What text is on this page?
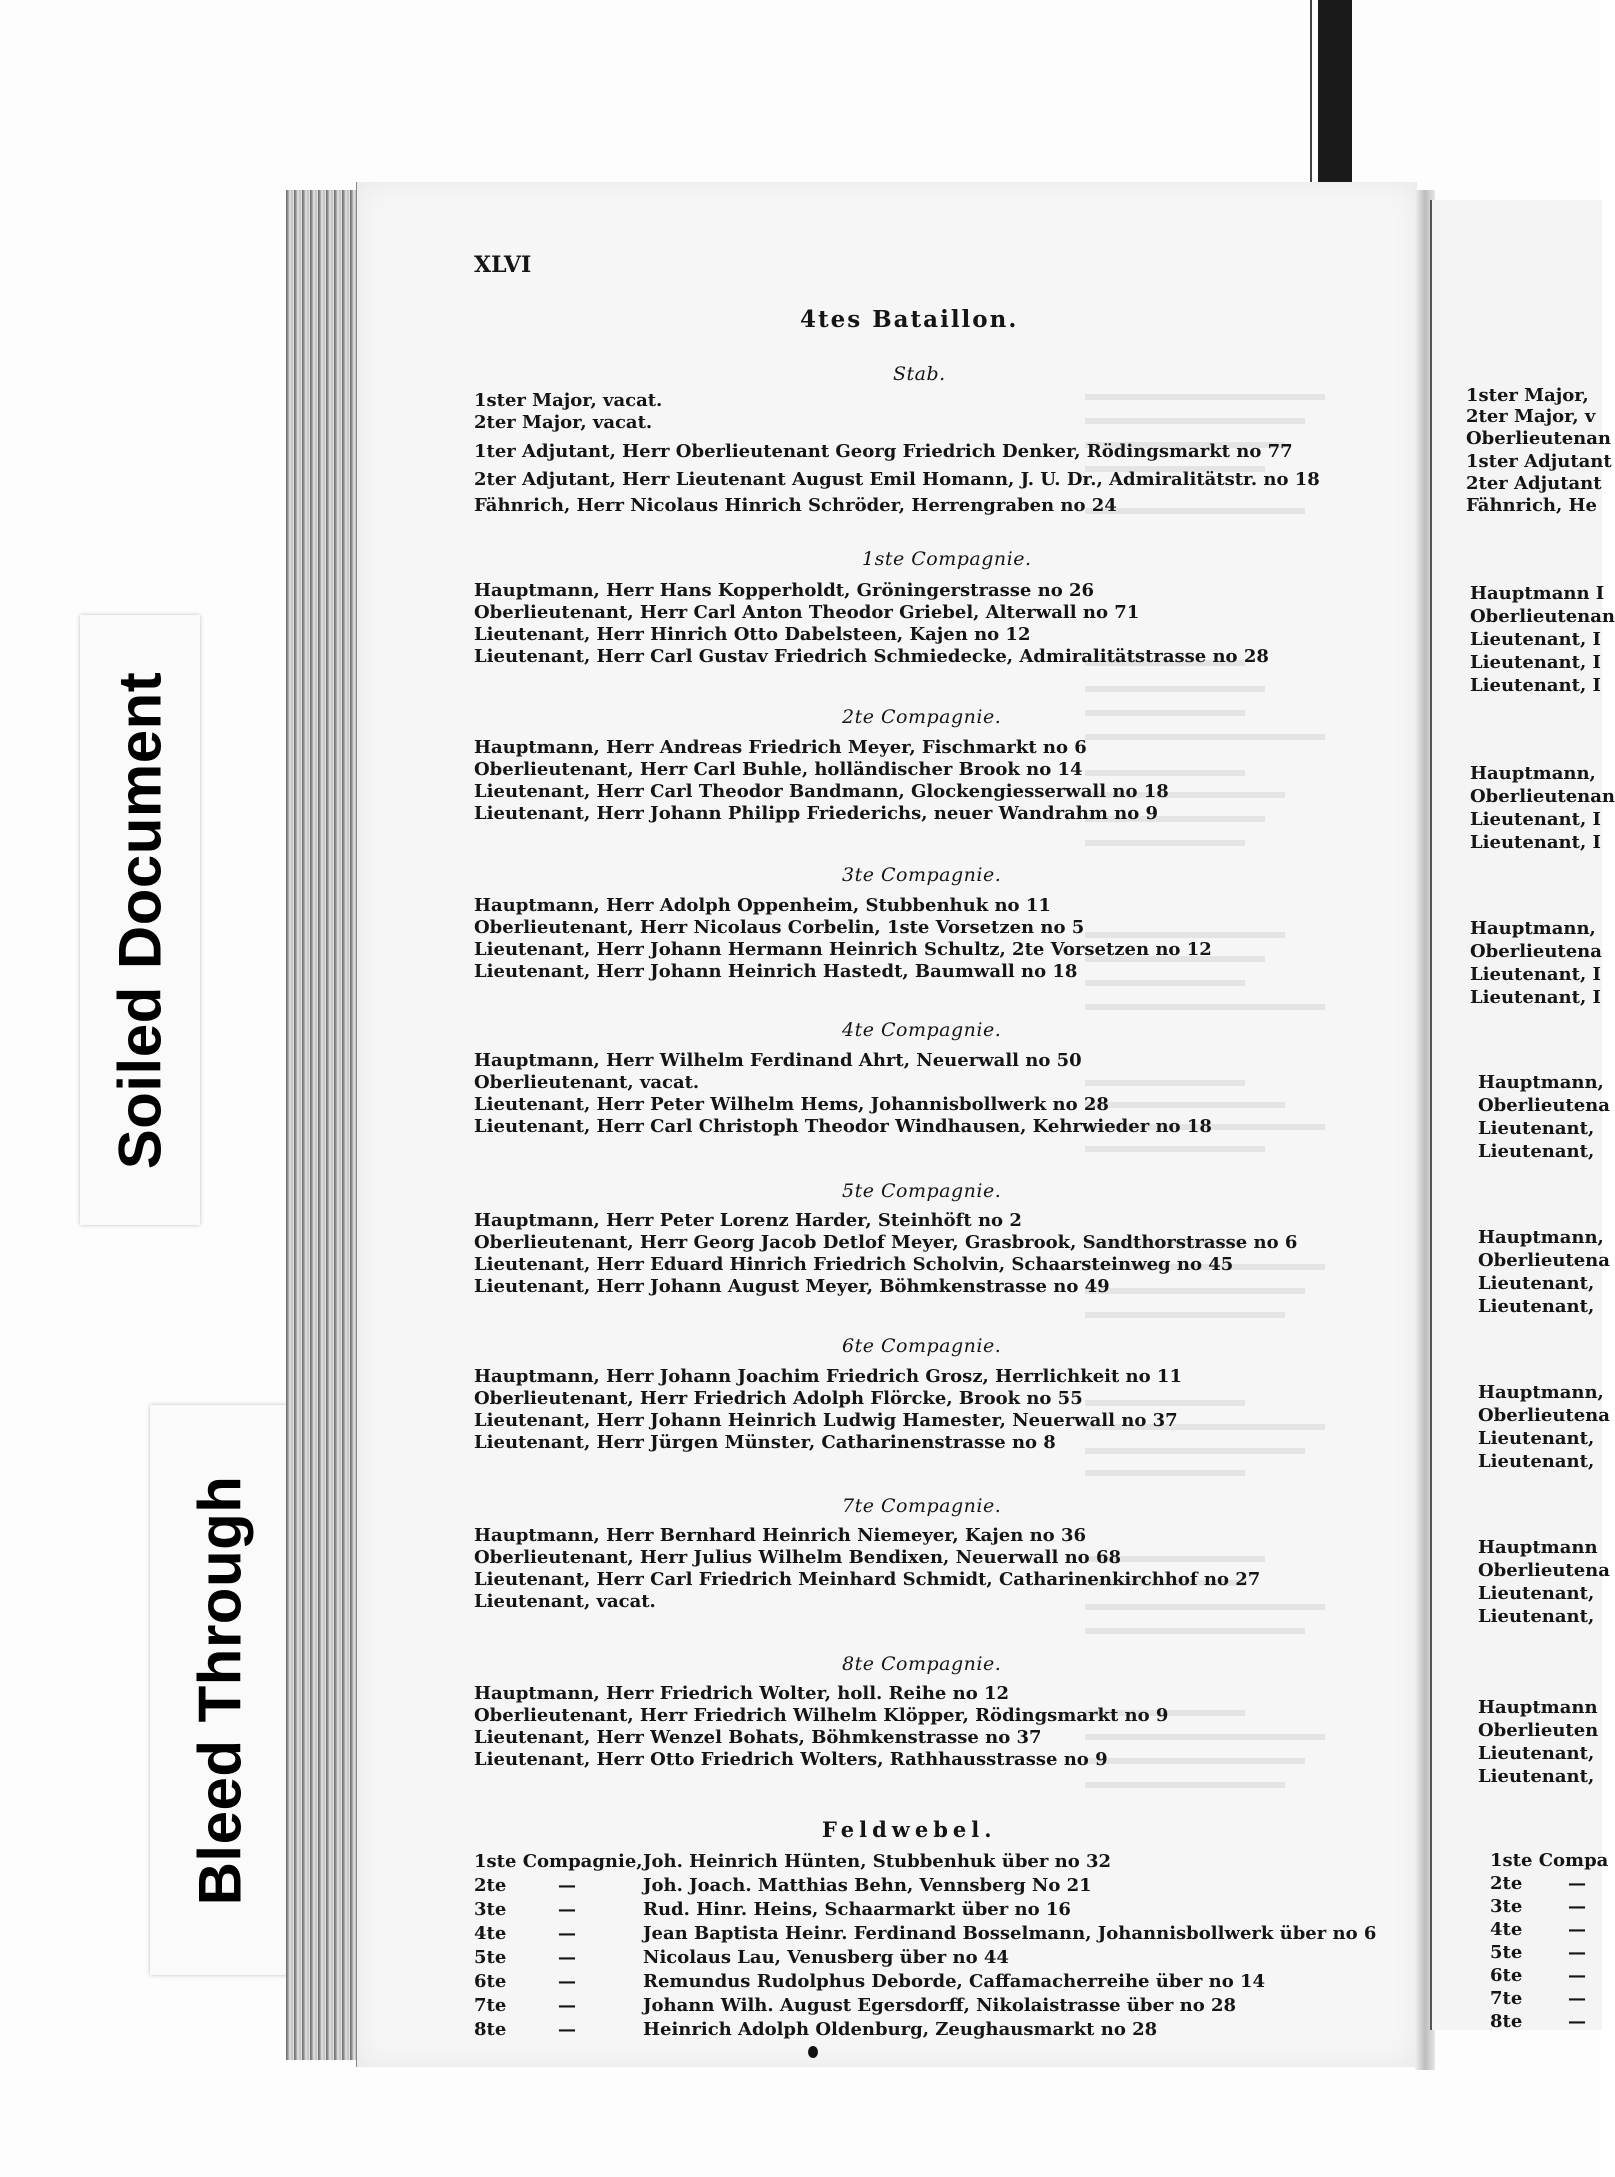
Soiled Document
Bleed Through
XLVI
4tes Bataillon.
Stab.
1ster Major, vacat.
2ter Major, vacat.
1ter Adjutant, Herr Oberlieutenant Georg Friedrich Denker, Rödingsmarkt no 77
2ter Adjutant, Herr Lieutenant August Emil Homann, J. U. Dr., Admiralitätstr. no 18
Fähnrich, Herr Nicolaus Hinrich Schröder, Herrengraben no 24
1ste Compagnie.
Hauptmann, Herr Hans Kopperholdt, Gröningerstrasse no 26
Oberlieutenant, Herr Carl Anton Theodor Griebel, Alterwall no 71
Lieutenant, Herr Hinrich Otto Dabelsteen, Kajen no 12
Lieutenant, Herr Carl Gustav Friedrich Schmiedecke, Admiralitätstrasse no 28
2te Compagnie.
Hauptmann, Herr Andreas Friedrich Meyer, Fischmarkt no 6
Oberlieutenant, Herr Carl Buhle, holländischer Brook no 14
Lieutenant, Herr Carl Theodor Bandmann, Glockengiesserwall no 18
Lieutenant, Herr Johann Philipp Friederichs, neuer Wandrahm no 9
3te Compagnie.
Hauptmann, Herr Adolph Oppenheim, Stubbenhuk no 11
Oberlieutenant, Herr Nicolaus Corbelin, 1ste Vorsetzen no 5
Lieutenant, Herr Johann Hermann Heinrich Schultz, 2te Vorsetzen no 12
Lieutenant, Herr Johann Heinrich Hastedt, Baumwall no 18
4te Compagnie.
Hauptmann, Herr Wilhelm Ferdinand Ahrt, Neuerwall no 50
Oberlieutenant, vacat.
Lieutenant, Herr Peter Wilhelm Hems, Johannisbollwerk no 28
Lieutenant, Herr Carl Christoph Theodor Windhausen, Kehrwieder no 18
5te Compagnie.
Hauptmann, Herr Peter Lorenz Harder, Steinhöft no 2
Oberlieutenant, Herr Georg Jacob Detlof Meyer, Grasbrook, Sandthorstrasse no 6
Lieutenant, Herr Eduard Hinrich Friedrich Scholvin, Schaarsteinweg no 45
Lieutenant, Herr Johann August Meyer, Böhmkenstrasse no 49
6te Compagnie.
Hauptmann, Herr Johann Joachim Friedrich Grosz, Herrlichkeit no 11
Oberlieutenant, Herr Friedrich Adolph Flörcke, Brook no 55
Lieutenant, Herr Johann Heinrich Ludwig Hamester, Neuerwall no 37
Lieutenant, Herr Jürgen Münster, Catharinenstrasse no 8
7te Compagnie.
Hauptmann, Herr Bernhard Heinrich Niemeyer, Kajen no 36
Oberlieutenant, Herr Julius Wilhelm Bendixen, Neuerwall no 68
Lieutenant, Herr Carl Friedrich Meinhard Schmidt, Catharinenkirchhof no 27
Lieutenant, vacat.
8te Compagnie.
Hauptmann, Herr Friedrich Wolter, holl. Reihe no 12
Oberlieutenant, Herr Friedrich Wilhelm Klöpper, Rödingsmarkt no 9
Lieutenant, Herr Wenzel Bohats, Böhmkenstrasse no 37
Lieutenant, Herr Otto Friedrich Wolters, Rathhausstrasse no 9
Feldwebel.
1ste Compagnie, Joh. Heinrich Hünten, Stubbenhuk über no 32
2te	—	Joh. Joach. Matthias Behn, Vennsberg No 21
3te	—	Rud. Hinr. Heins, Schaarmarkt über no 16
4te	—	Jean Baptista Heinr. Ferdinand Bosselmann, Johannisbollwerk über no 6
5te	—	Nicolaus Lau, Venusberg über no 44
6te	—	Remundus Rudolphus Deborde, Caffamacherreihe über no 14
7te	—	Johann Wilh. August Egersdorff, Nikolaistrasse über no 28
8te	—	Heinrich Adolph Oldenburg, Zeughausmarkt no 28
1ster Major,
2ter Major, v
Oberlieutenan
1ster Adjutant
2ter Adjutant
Fähnrich, He
Hauptmann I
Oberlieutenan
Lieutenant, I
Lieutenant, I
Lieutenant, I
Hauptmann,
Oberlieutenan
Lieutenant, I
Lieutenant, I
Hauptmann,
Oberlieutena
Lieutenant, I
Lieutenant, I
Hauptmann,
Oberlieutena
Lieutenant,
Lieutenant,
Hauptmann,
Oberlieutena
Lieutenant,
Lieutenant,
Hauptmann,
Oberlieutena
Lieutenant,
Lieutenant,
Hauptmann
Oberlieutena
Lieutenant,
Lieutenant,
Hauptmann
Oberlieuten
Lieutenant,
Lieutenant,
1ste Compa
2te	—
3te	—
4te	—
5te	—
6te	—
7te	—
8te	—
